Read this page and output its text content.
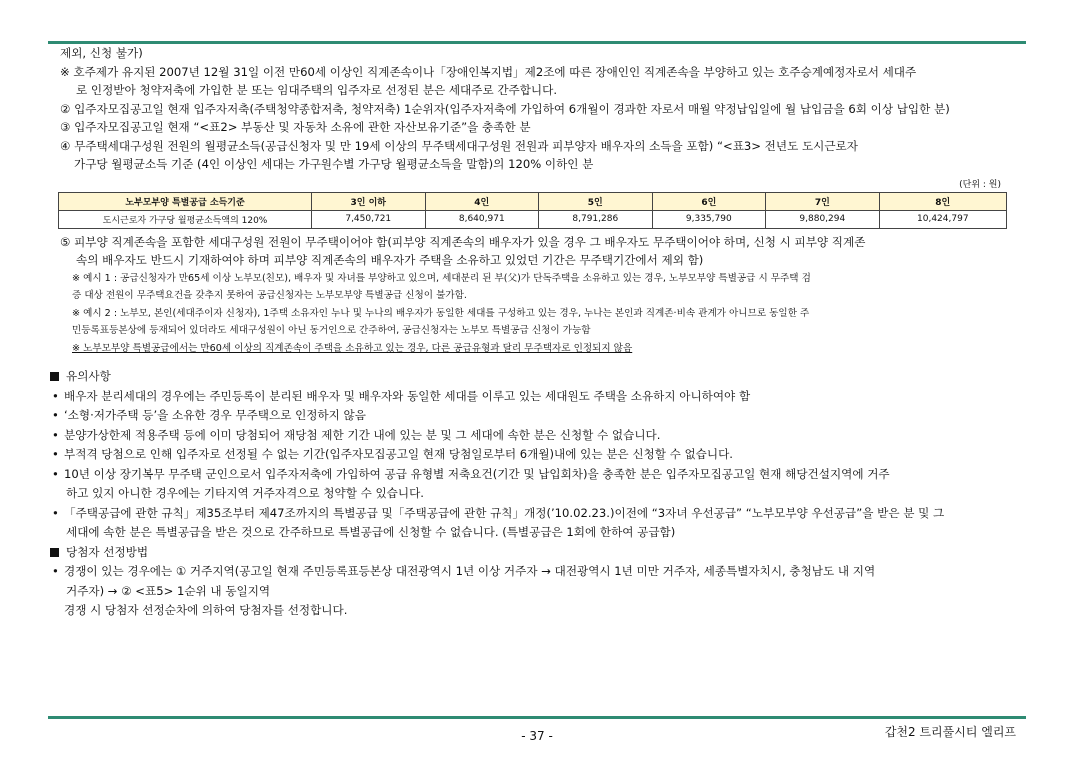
제외, 신청 불가)
※ 호주제가 유지된 2007년 12월 31일 이전 만60세 이상인 직계존속이나「장애인복지법」제2조에 따른 장애인인 직계존속을 부양하고 있는 호주승계예정자로서 세대주
로 인정받아 청약저축에 가입한 분 또는 임대주택의 입주자로 선정된 분은 세대주로 간주합니다.
② 입주자모집공고일 현재 입주자저축(주택청약종합저축, 청약저축) 1순위자(입주자저축에 가입하여 6개월이 경과한 자로서 매월 약정납입일에 월 납입금을 6회 이상 납입한 분)
③ 입주자모집공고일 현재 “<표2> 부동산 및 자동차 소유에 관한 자산보유기준”을 충족한 분
④ 무주택세대구성원 전원의 월평균소득(공급신청자 및 만 19세 이상의 무주택세대구성원 전원과 피부양자 배우자의 소득을 포함) “<표3> 전년도 도시근로자
가구당 월평균소득 기준 (4인 이상인 세대는 가구원수별 가구당 월평균소득을 말함)의 120% 이하인 분
(단위 : 원)
노부모부양 특별공급 소득기준	3인 이하	4인	5인	6인	7인	8인
도시근로자 가구당 월평균소득액의 120%	7,450,721	8,640,971	8,791,286	9,335,790	9,880,294	10,424,797
⑤ 피부양 직계존속을 포함한 세대구성원 전원이 무주택이어야 함(피부양 직계존속의 배우자가 있을 경우 그 배우자도 무주택이어야 하며, 신청 시 피부양 직계존
속의 배우자도 반드시 기재하여야 하며 피부양 직계존속의 배우자가 주택을 소유하고 있었던 기간은 무주택기간에서 제외 함)
※ 예시 1 : 공급신청자가 만65세 이상 노부모(친모), 배우자 및 자녀를 부양하고 있으며, 세대분리 된 부(父)가 단독주택을 소유하고 있는 경우, 노부모부양 특별공급 시 무주택 검
증 대상 전원이 무주택요건을 갖추지 못하여 공급신청자는 노부모부양 특별공급 신청이 불가함.
※ 예시 2 : 노부모, 본인(세대주이자 신청자), 1주택 소유자인 누나 및 누나의 배우자가 동일한 세대를 구성하고 있는 경우, 누나는 본인과 직계존·비속 관계가 아니므로 동일한 주
민등록표등본상에 등재되어 있더라도 세대구성원이 아닌 동거인으로 간주하여, 공급신청자는 노부모 특별공급 신청이 가능함
※ 노부모부양 특별공급에서는 만60세 이상의 직계존속이 주택을 소유하고 있는 경우, 다른 공급유형과 달리 무주택자로 인정되지 않음
유의사항
• 배우자 분리세대의 경우에는 주민등록이 분리된 배우자 및 배우자와 동일한 세대를 이루고 있는 세대원도 주택을 소유하지 아니하여야 함
• ‘소형·저가주택 등’을 소유한 경우 무주택으로 인정하지 않음
• 분양가상한제 적용주택 등에 이미 당첨되어 재당첨 제한 기간 내에 있는 분 및 그 세대에 속한 분은 신청할 수 없습니다.
• 부적격 당첨으로 인해 입주자로 선정될 수 없는 기간(입주자모집공고일 현재 당첨일로부터 6개월)내에 있는 분은 신청할 수 없습니다.
• 10년 이상 장기복무 무주택 군인으로서 입주자저축에 가입하여 공급 유형별 저축요건(기간 및 납입회차)을 충족한 분은 입주자모집공고일 현재 해당건설지역에 거주
하고 있지 아니한 경우에는 기타지역 거주자격으로 청약할 수 있습니다.
• 「주택공급에 관한 규칙」제35조부터 제47조까지의 특별공급 및「주택공급에 관한 규칙」개정(’10.02.23.)이전에 “3자녀 우선공급” “노부모부양 우선공급”을 받은 분 및 그
세대에 속한 분은 특별공급을 받은 것으로 간주하므로 특별공급에 신청할 수 없습니다. (특별공급은 1회에 한하여 공급함)
당첨자 선정방법
• 경쟁이 있는 경우에는 ① 거주지역(공고일 현재 주민등록표등본상 대전광역시 1년 이상 거주자 → 대전광역시 1년 미만 거주자, 세종특별자치시, 충청남도 내 지역
거주자) → ② <표5> 1순위 내 동일지역
경쟁 시 당첨자 선정순차에 의하여 당첨자를 선정합니다.
- 37 -	갑천2 트리풀시티 엘리프
